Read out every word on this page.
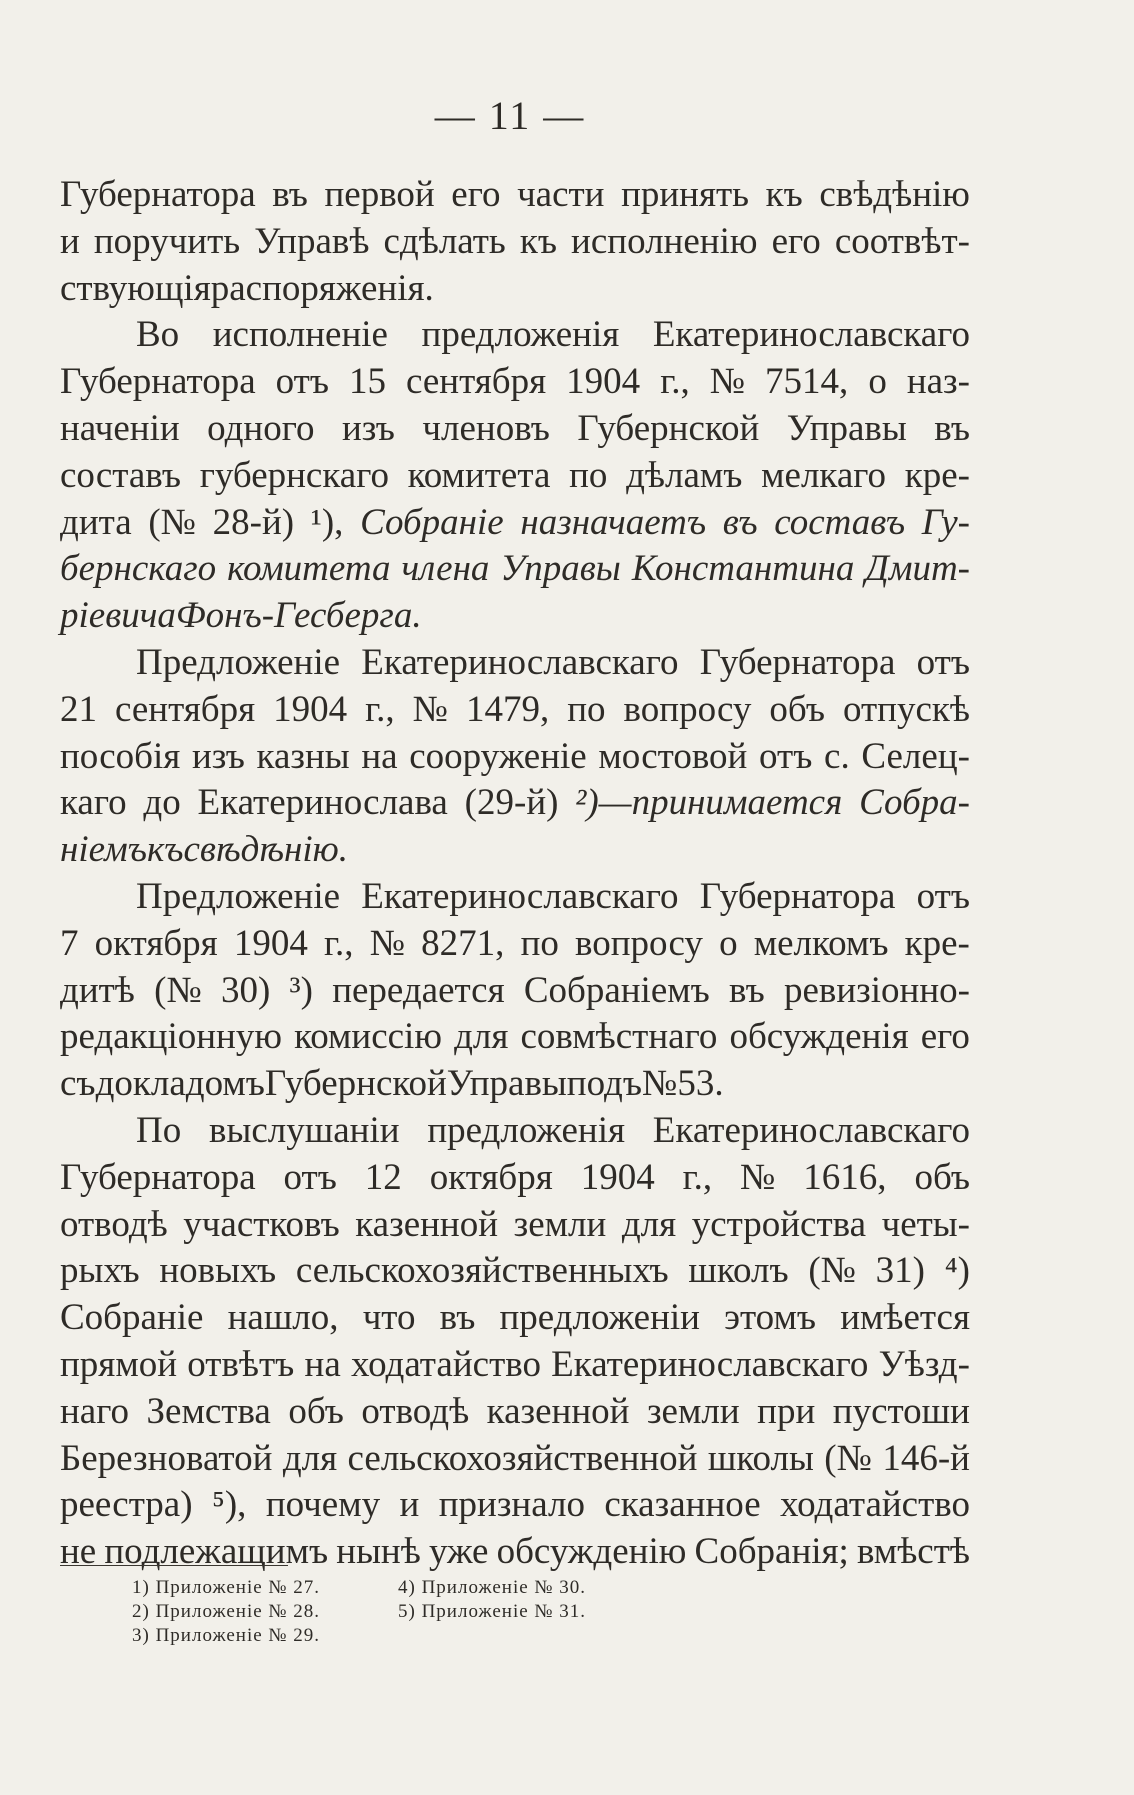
— 11 —
Губернатора въ первой его части принять къ свѣдѣнію
и поручить Управѣ сдѣлать къ исполненію его соотвѣт-
ствующія распоряженія.
Во исполненіе предложенія Екатеринославскаго
Губернатора отъ 15 сентября 1904 г., № 7514, о наз-
наченіи одного изъ членовъ Губернской Управы въ
составъ губернскаго комитета по дѣламъ мелкаго кре-
дита (№ 28-й) ¹), Собраніе назначаетъ въ составъ Гу-
бернскаго комитета члена Управы Константина Дмит-
ріевича Фонъ-Гесберга.
Предложеніе Екатеринославскаго Губернатора отъ
21 сентября 1904 г., № 1479, по вопросу объ отпускѣ
пособія изъ казны на сооруженіе мостовой отъ с. Селец-
каго до Екатеринослава (29-й) ²)—принимается Собра-
ніемъ къ свѣдѣнію.
Предложеніе Екатеринославскаго Губернатора отъ
7 октября 1904 г., № 8271, по вопросу о мелкомъ кре-
дитѣ (№ 30) ³) передается Собраніемъ въ ревизіонно-
редакціонную комиссію для совмѣстнаго обсужденія его
съ докладомъ Губернской Управы подъ № 53.
По выслушаніи предложенія Екатеринославскаго
Губернатора отъ 12 октября 1904 г., № 1616, объ
отводѣ участковъ казенной земли для устройства четы-
рыхъ новыхъ сельскохозяйственныхъ школъ (№ 31) ⁴)
Собраніе нашло, что въ предложеніи этомъ имѣется
прямой отвѣтъ на ходатайство Екатеринославскаго Уѣзд-
наго Земства объ отводѣ казенной земли при пустоши
Березноватой для сельскохозяйственной школы (№ 146-й
реестра) ⁵), почему и признало сказанное ходатайство
не подлежащимъ нынѣ уже обсужденію Собранія; вмѣстѣ
1) Приложеніе № 27.	4) Приложеніе № 30.
2) Приложеніе № 28.	5) Приложеніе № 31.
3) Приложеніе № 29.
